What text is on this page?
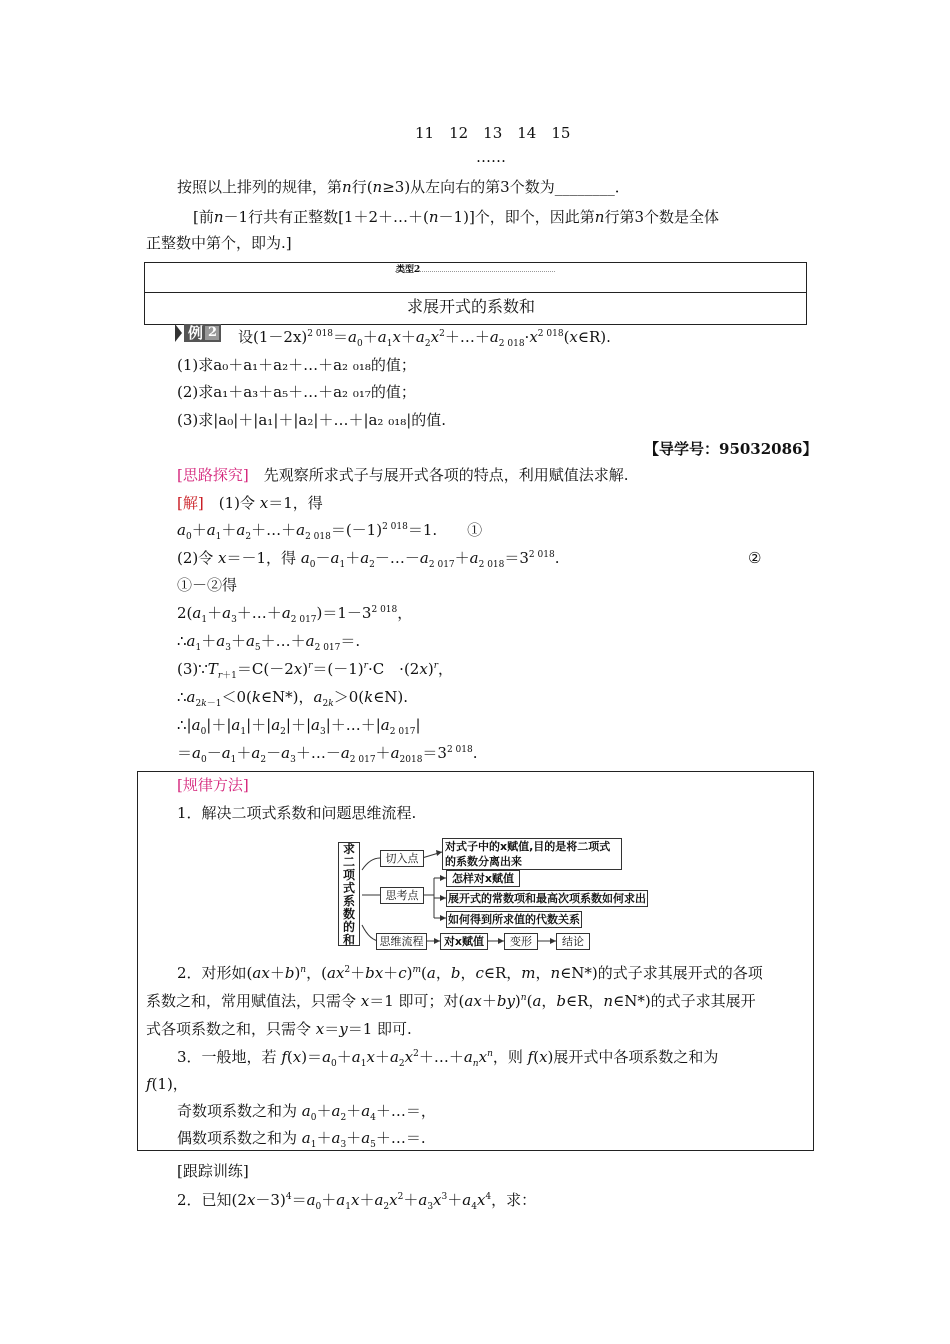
11　12　13　14　15
……
按照以上排列的规律，第n行(n≥3)从左向右的第3个数为________．
[前n－1行共有正整数[1＋2＋…＋(n－1)]个，即个，因此第n行第3个数是全体
正整数中第个，即为.]
类型2
求展开式的系数和
例 2 设$(1-2x)^{2 018}=a_0+a_1x+a_2x^2+\dots+a_{2 018}\cdot x^{2 018}(x\in R)$.
(1)求a₀＋a₁＋a₂＋…＋a₂ ₀₁₈的值；
(2)求a₁＋a₃＋a₅＋…＋a₂ ₀₁₇的值；
(3)求|a₀|＋|a₁|＋|a₂|＋…＋|a₂ ₀₁₈|的值.
【导学号：95032086】
[思路探究]　 先观察所求式子与展开式各项的特点，利用赋值法求解.
[解]　(1)令 x＝1，得
$a_0+a_1+a_2+\dots+a_{2 018}=(-1)^{2 018}=1$.　　①
(2)令 x＝－1，得 $a_0-a_1+a_2-\dots-a_{2 017}+a_{2 018}=3^{2 018}$.	②
①－②得
$2(a_1+a_3+\dots+a_{2 017})=1-3^{2 018}$，
$\therefore a_1+a_3+a_5+\dots+a_{2 017}=$.
$(3)\because T_{r+1}=C(-2x)^r=(-1)^r\cdot C$　$\cdot(2x)^r$，
$\therefore a_{2k-1}<0(k\in N*)$，$a_{2k}>0(k\in N)$.
$\therefore|a_0|+|a_1|+|a_2|+|a_3|+\dots+|a_{2 017}|$
$=a_0-a_1+a_2-a_3+\dots-a_{2 017}+a_{2018}=3^{2 018}$.
[规律方法]
1．解决二项式系数和问题思维流程.
求二项式系数的和
切入点
对式子中的x赋值,目的是将二项式的系数分离出来
思考点
怎样对x赋值
展开式的常数项和最高次项系数如何求出
如何得到所求值的代数关系
思维流程	对x赋值	变形	结论
2．对形如$(ax+b)^n$，$(ax^2+bx+c)^m(a$，b，c∈R，m，n∈N*)的式子求其展开式的各项
系数之和，常用赋值法，只需令 x＝1 即可；对$(ax+by)^n(a$，b∈R，n∈N*)的式子求其展开
式各项系数之和，只需令 x＝y＝1 即可.
3．一般地，若 $f(x)=a_0+a_1x+a_2x^2+\dots+a_nx^n$，则 f(x)展开式中各项系数之和为
f(1)，
奇数项系数之和为 $a_0+a_2+a_4+\dots=$，
偶数项系数之和为 $a_1+a_3+a_5+\dots=$.
[跟踪训练]
2．已知$(2x-3)^4=a_0+a_1x+a_2x^2+a_3x^3+a_4x^4$，求：
